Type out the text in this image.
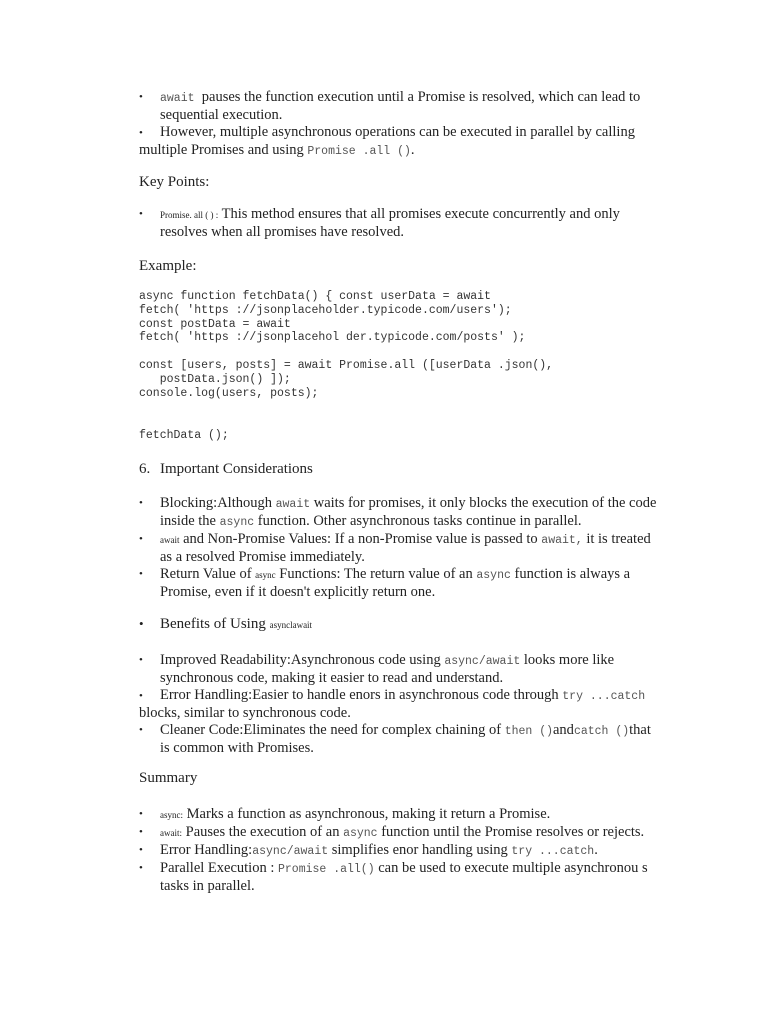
• await pauses the function execution until a Promise is resolved, which can lead to sequential execution.
• However, multiple asynchronous operations can be executed in parallel by calling multiple Promises and using Promise .all ().
Key Points:
• Promise. all ( ) : This method ensures that all promises execute concurrently and only resolves when all promises have resolved.
Example:
async function fetchData() { const userData = await
fetch( 'https ://jsonplaceholder.typicode.com/users');
const postData = await
fetch( 'https ://jsonplacehol der.typicode.com/posts' );

const [users, posts] = await Promise.all ([userData .json(),
postData.json() ]);
console.log(users, posts);
fetchData ();
6. Important Considerations
• Blocking:Although await waits for promises, it only blocks the execution of the code inside the async function. Other asynchronous tasks continue in parallel.
• await and Non-Promise Values: If a non-Promise value is passed to await, it is treated as a resolved Promise immediately.
• Return Value of async Functions: The return value of an async function is always a Promise, even if it doesn't explicitly return one.
• Benefits of Using asynclawait
• Improved Readability:Asynchronous code using async/await looks more like synchronous code, making it easier to read and understand.
• Error Handling:Easier to handle enors in asynchronous code through try ...catch blocks, similar to synchronous code.
• Cleaner Code:Eliminates the need for complex chaining of then ()andcatch ()that is common with Promises.
Summary
• async: Marks a function as asynchronous, making it return a Promise.
• await: Pauses the execution of an async function until the Promise resolves or rejects.
• Error Handling:async/await simplifies enor handling using try ...catch.
• Parallel Execution : Promise .all() can be used to execute multiple asynchronou s tasks in parallel.
